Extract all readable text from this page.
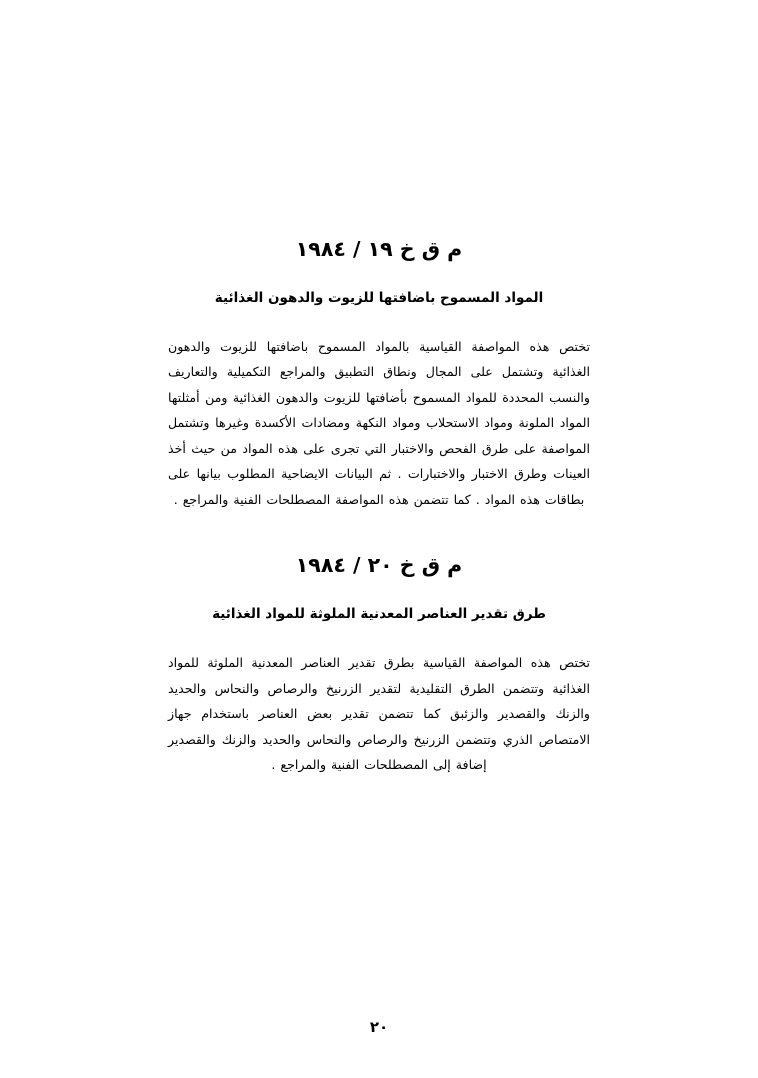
م ق خ ١٩ / ١٩٨٤
المواد المسموح باضافتها للزيوت والدهون الغذائية

تختص هذه المواصفة القياسية بالمواد المسموح باضافتها للزيوت والدهون الغذائية وتشتمل على المجال ونطاق التطبيق والمراجع التكميلية والتعاريف والنسب المحددة للمواد المسموح بأضافتها للزيوت والدهون الغذائية ومن أمثلتها المواد الملونة ومواد الاستحلاب ومواد النكهة ومضادات الأكسدة وغيرها وتشتمل المواصفة على طرق الفحص والاختبار التي تجرى على هذه المواد من حيث أخذ العينات وطرق الاختبار والاختبارات . ثم البيانات الايضاحية المطلوب بيانها على بطاقات هذه المواد . كما تتضمن هذه المواصفة المصطلحات الفنية والمراجع .

م ق خ ٢٠ / ١٩٨٤
طرق تقدير العناصر المعدنية الملوثة للمواد الغذائية

تختص هذه المواصفة القياسية بطرق تقدير العناصر المعدنية الملوثة للمواد الغذائية وتتضمن الطرق التقليدية لتقدير الزرنيخ والرصاص والنحاس والحديد والزنك والقصدير والزئبق كما تتضمن تقدير بعض العناصر باستخدام جهاز الامتصاص الذري وتتضمن الزرنيخ والرصاص والنحاس والحديد والزنك والقصدير إضافة إلى المصطلحات الفنية والمراجع .

٢٠
